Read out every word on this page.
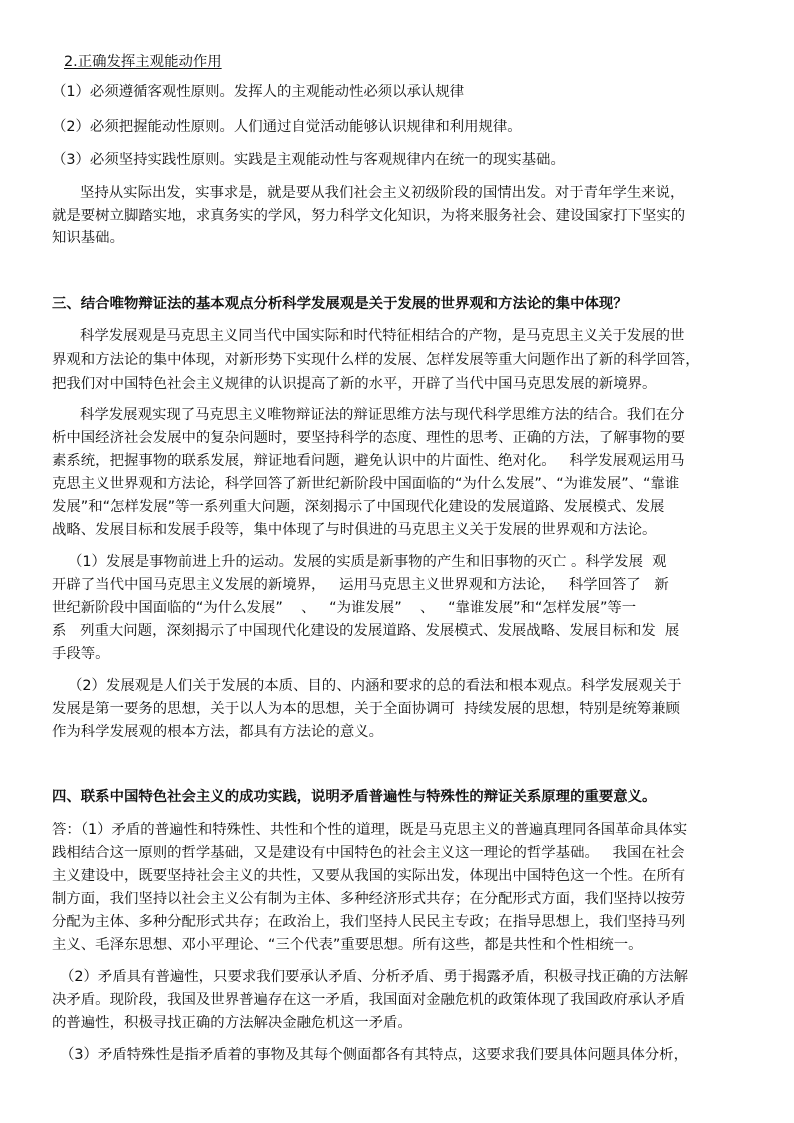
2.正确发挥主观能动作用
（1）必须遵循客观性原则。发挥人的主观能动性必须以承认规律
（2）必须把握能动性原则。人们通过自觉活动能够认识规律和利用规律。
（3）必须坚持实践性原则。实践是主观能动性与客观规律内在统一的现实基础。
坚持从实际出发，实事求是，就是要从我们社会主义初级阶段的国情出发。对于青年学生来说，
就是要树立脚踏实地，求真务实的学风，努力科学文化知识，为将来服务社会、建设国家打下坚实的
知识基础。
三、结合唯物辩证法的基本观点分析科学发展观是关于发展的世界观和方法论的集中体现？
科学发展观是马克思主义同当代中国实际和时代特征相结合的产物，是马克思主义关于发展的世
界观和方法论的集中体现，对新形势下实现什么样的发展、怎样发展等重大问题作出了新的科学回答，
把我们对中国特色社会主义规律的认识提高了新的水平，开辟了当代中国马克思发展的新境界。
科学发展观实现了马克思主义唯物辩证法的辩证思维方法与现代科学思维方法的结合。我们在分
析中国经济社会发展中的复杂问题时，要坚持科学的态度、理性的思考、正确的方法，了解事物的要
素系统，把握事物的联系发展，辩证地看问题，避免认识中的片面性、绝对化。   科学发展观运用马
克思主义世界观和方法论，科学回答了新世纪新阶段中国面临的“为什么发展”、“为谁发展”、“靠谁
发展”和“怎样发展”等一系列重大问题，深刻揭示了中国现代化建设的发展道路、发展模式、发展
战略、发展目标和发展手段等，集中体现了与时俱进的马克思主义关于发展的世界观和方法论。
（1）发展是事物前进上升的运动。发展的实质是新事物的产生和旧事物的灭亡 。科学发展  观
开辟了当代中国马克思主义发展的新境界，   运用马克思主义世界观和方法论，   科学回答了   新
世纪新阶段中国面临的“为什么发展”    、   “为谁发展”    、   “靠谁发展”和“怎样发展”等一
系   列重大问题，深刻揭示了中国现代化建设的发展道路、发展模式、发展战略、发展目标和发  展
手段等。
（2）发展观是人们关于发展的本质、目的、内涵和要求的总的看法和根本观点。科学发展观关于
发展是第一要务的思想，关于以人为本的思想，关于全面协调可  持续发展的思想，特别是统筹兼顾
作为科学发展观的根本方法，都具有方法论的意义。
四、联系中国特色社会主义的成功实践，说明矛盾普遍性与特殊性的辩证关系原理的重要意义。
答：（1）矛盾的普遍性和特殊性、共性和个性的道理，既是马克思主义的普遍真理同各国革命具体实
践相结合这一原则的哲学基础，又是建设有中国特色的社会主义这一理论的哲学基础。   我国在社会
主义建设中，既要坚持社会主义的共性，又要从我国的实际出发，体现出中国特色这一个性。在所有
制方面，我们坚持以社会主义公有制为主体、多种经济形式共存；在分配形式方面，我们坚持以按劳
分配为主体、多种分配形式共存；在政治上，我们坚持人民民主专政；在指导思想上，我们坚持马列
主义、毛泽东思想、邓小平理论、“三个代表”重要思想。所有这些，都是共性和个性相统一。
（2）矛盾具有普遍性，只要求我们要承认矛盾、分析矛盾、勇于揭露矛盾，积极寻找正确的方法解
决矛盾。现阶段，我国及世界普遍存在这一矛盾，我国面对金融危机的政策体现了我国政府承认矛盾
的普遍性，积极寻找正确的方法解决金融危机这一矛盾。
（3）矛盾特殊性是指矛盾着的事物及其每个侧面都各有其特点，这要求我们要具体问题具体分析，
